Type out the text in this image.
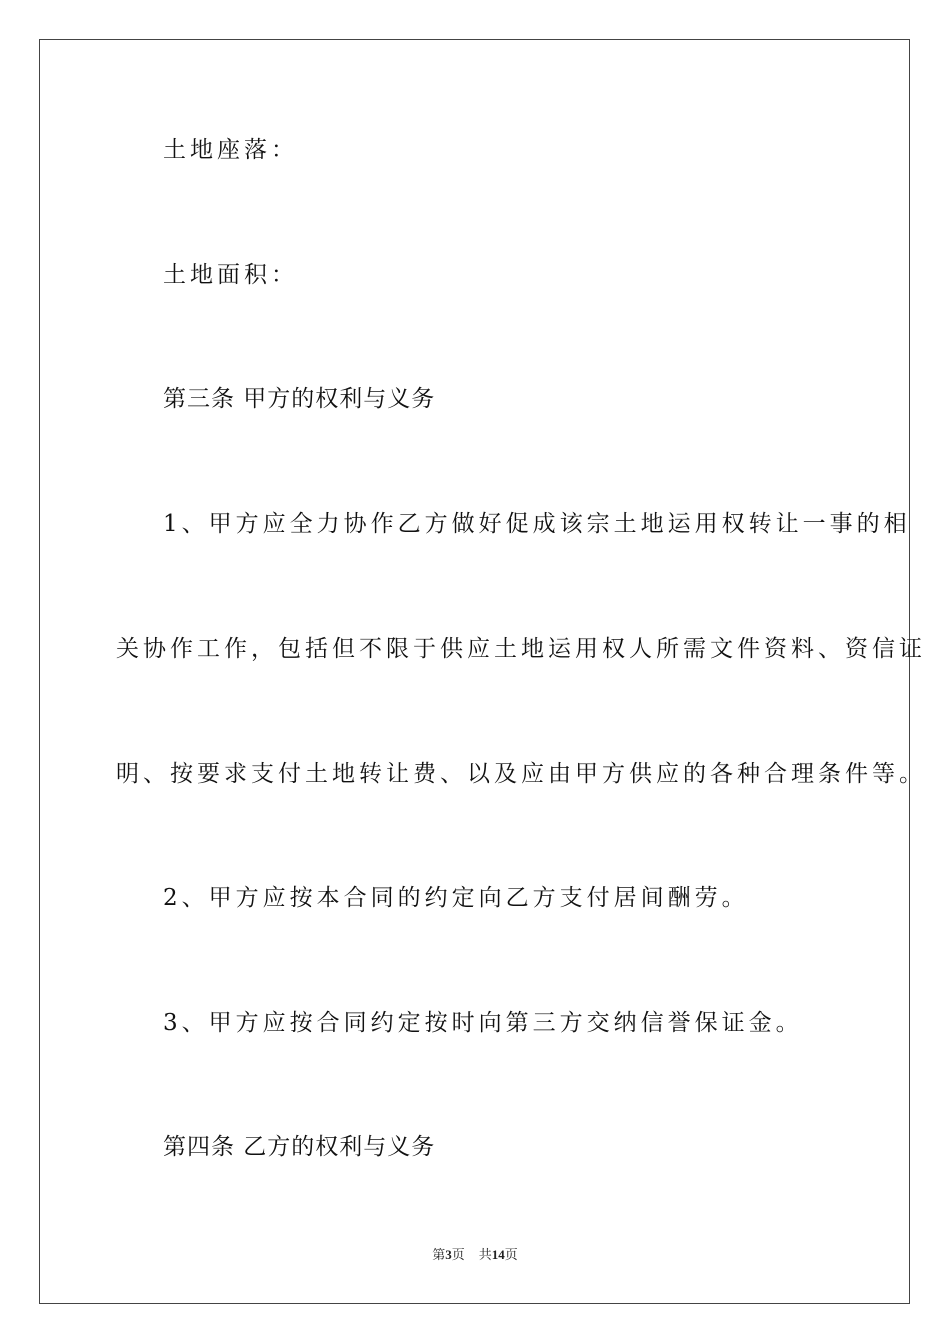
土地座落：
土地面积：
第三条 甲方的权利与义务
1、甲方应全力协作乙方做好促成该宗土地运用权转让一事的相
关协作工作，包括但不限于供应土地运用权人所需文件资料、资信证
明、按要求支付土地转让费、以及应由甲方供应的各种合理条件等。
2、甲方应按本合同的约定向乙方支付居间酬劳。
3、甲方应按合同约定按时向第三方交纳信誉保证金。
第四条 乙方的权利与义务
第3页 共14页
